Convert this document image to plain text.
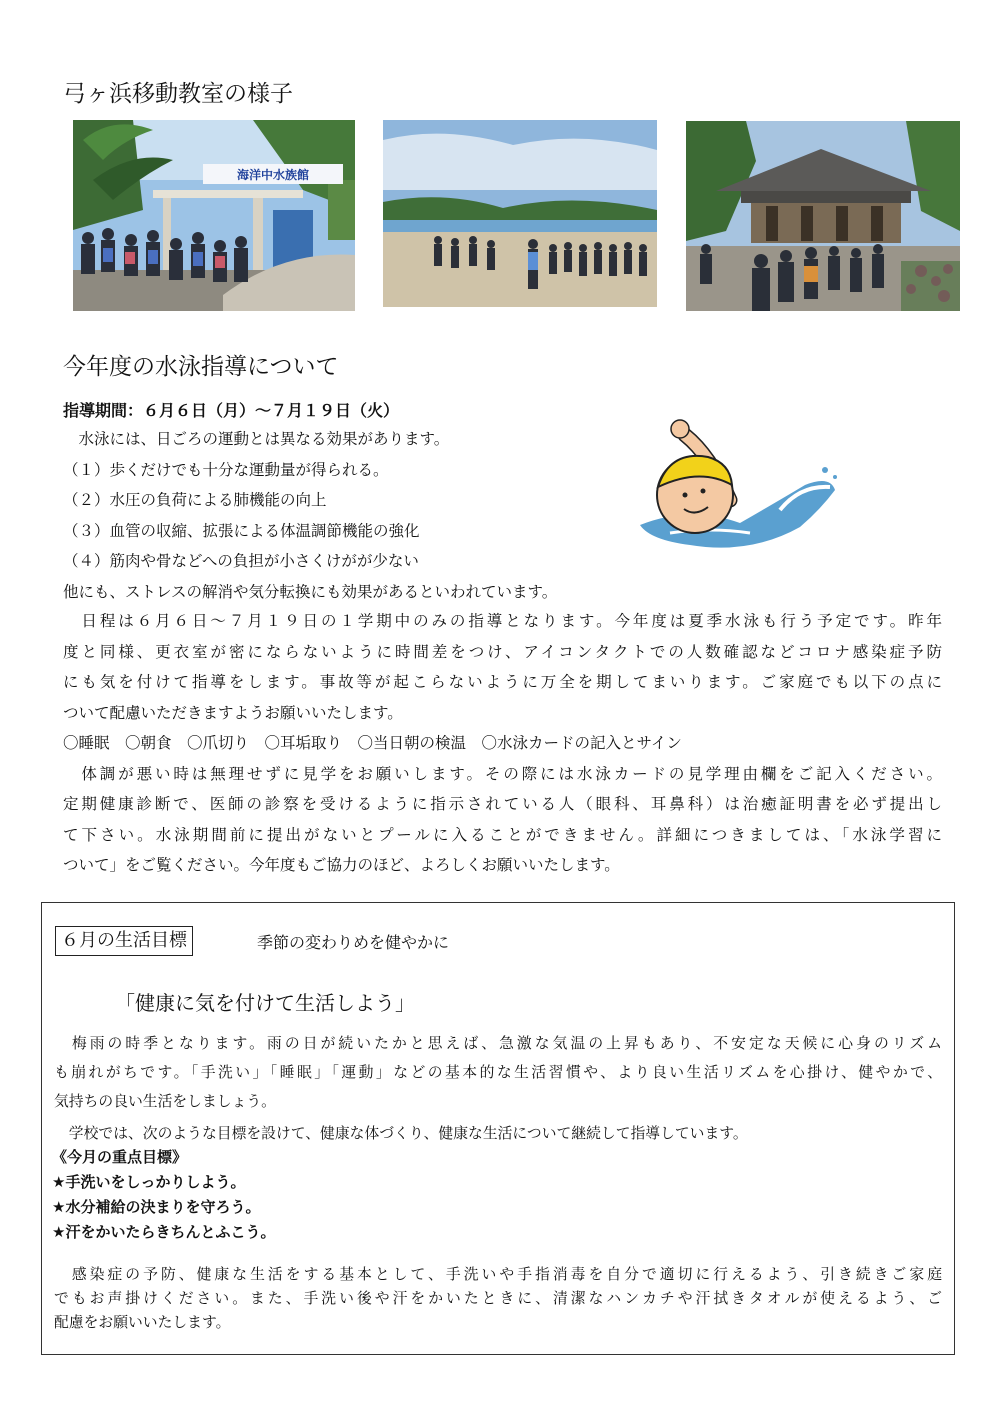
弓ヶ浜移動教室の様子
海洋中水族館
今年度の水泳指導について
指導期間：６月６日（月）～７月１９日（火）
　水泳には、日ごろの運動とは異なる効果があります。
（１）歩くだけでも十分な運動量が得られる。
（２）水圧の負荷による肺機能の向上
（３）血管の収縮、拡張による体温調節機能の強化
（４）筋肉や骨などへの負担が小さくけがが少ない
他にも、ストレスの解消や気分転換にも効果があるといわれています。
　日程は６月６日～７月１９日の１学期中のみの指導となります。今年度は夏季水泳も行う予定です。昨年
度と同様、更衣室が密にならないように時間差をつけ、アイコンタクトでの人数確認などコロナ感染症予防
にも気を付けて指導をします。事故等が起こらないように万全を期してまいります。ご家庭でも以下の点に
ついて配慮いただきますようお願いいたします。
〇睡眠　〇朝食　〇爪切り　〇耳垢取り　〇当日朝の検温　〇水泳カードの記入とサイン
　体調が悪い時は無理せずに見学をお願いします。その際には水泳カードの見学理由欄をご記入ください。
定期健康診断で、医師の診察を受けるように指示されている人（眼科、耳鼻科）は治癒証明書を必ず提出し
て下さい。水泳期間前に提出がないとプールに入ることができません。詳細につきましては、「水泳学習に
ついて」をご覧ください。今年度もご協力のほど、よろしくお願いいたします。
６月の生活目標	季節の変わりめを健やかに
「健康に気を付けて生活しよう」
　梅雨の時季となります。雨の日が続いたかと思えば、急激な気温の上昇もあり、不安定な天候に心身のリズム
も崩れがちです。「手洗い」「睡眠」「運動」などの基本的な生活習慣や、より良い生活リズムを心掛け、健やかで、
気持ちの良い生活をしましょう。
　学校では、次のような目標を設けて、健康な体づくり、健康な生活について継続して指導しています。
《今月の重点目標》
★手洗いをしっかりしよう。
★水分補給の決まりを守ろう。
★汗をかいたらきちんとふこう。
　感染症の予防、健康な生活をする基本として、手洗いや手指消毒を自分で適切に行えるよう、引き続きご家庭
でもお声掛けください。また、手洗い後や汗をかいたときに、清潔なハンカチや汗拭きタオルが使えるよう、ご
配慮をお願いいたします。
